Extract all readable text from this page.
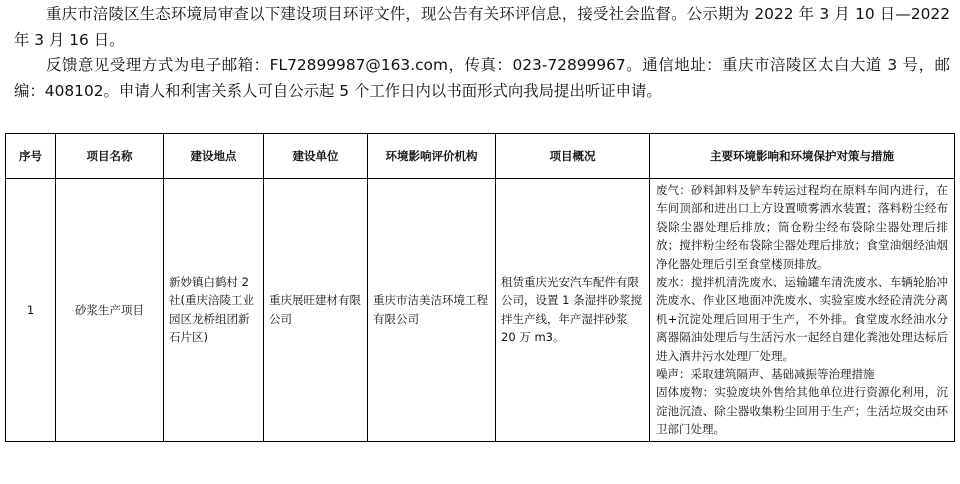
重庆市涪陵区生态环境局审查以下建设项目环评文件，现公告有关环评信息，接受社会监督。公示期为 2022 年 3 月 10 日—2022 年 3 月 16 日。

反馈意见受理方式为电子邮箱：FL72899987@163.com，传真：023-72899967。通信地址：重庆市涪陵区太白大道 3 号，邮编：408102。申请人和利害关系人可自公示起 5 个工作日内以书面形式向我局提出听证申请。

序号	项目名称	建设地点	建设单位	环境影响评价机构	项目概况	主要环境影响和环境保护对策与措施
1	砂浆生产项目	新妙镇白鹤村 2 社(重庆涪陵工业园区龙桥组团新石片区)	重庆展旺建材有限公司	重庆市洁美洁环境工程有限公司	租赁重庆光安汽车配件有限公司，设置 1 条湿拌砂浆搅拌生产线，年产湿拌砂浆 20 万 m3。	废气：砂料卸料及铲车转运过程均在原料车间内进行，在车间顶部和进出口上方设置喷雾洒水装置；落料粉尘经布袋除尘器处理后排放；筒仓粉尘经布袋除尘器处理后排放；搅拌粉尘经布袋除尘器处理后排放；食堂油烟经油烟净化器处理后引至食堂楼顶排放。
废水：搅拌机清洗废水、运输罐车清洗废水、车辆轮胎冲洗废水、作业区地面冲洗废水、实验室废水经砼清洗分离机+沉淀处理后回用于生产，不外排。食堂废水经油水分离器隔油处理后与生活污水一起经自建化粪池处理达标后进入酒井污水处理厂处理。
噪声：采取建筑隔声、基础减振等治理措施
固体废物：实验废块外售给其他单位进行资源化利用，沉淀池沉渣、除尘器收集粉尘回用于生产；生活垃圾交由环卫部门处理。
